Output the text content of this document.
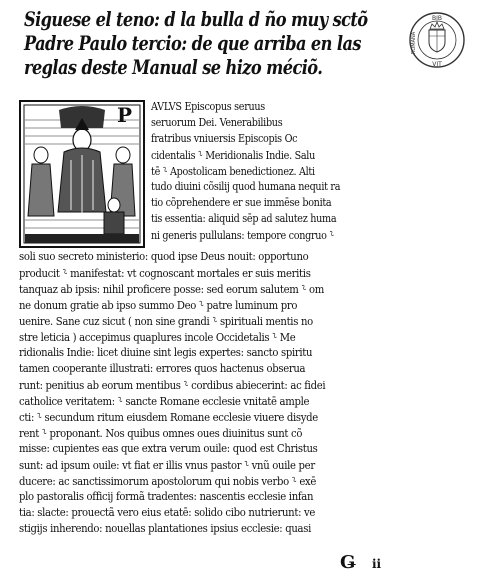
Siguese el teno: d la bulla d ño muy sctõ
Padre Paulo tercio: de que arriba en las
reglas deste Manual se hizo méciõ.
BIB
ROMANA
VIT
P AVLVS Episcopus seruus
seruorum Dei. Venerabilibus
fratribus vniuersis Episcopis Oc
cidentalis ⸊ Meridionalis Indie. Salu
tē ⸊ Apostolicam benedictionez. Alti
tudo diuini cõsilij quod humana nequit ra
tio cõprehendere er sue immēse bonita
tis essentia: aliquid sēp ad salutez huma
ni generis pullulans: tempore congruo ⸊
soli suo secreto ministerio: quod ipse Deus nouit: opportuno
producit ⸊ manifestat: vt cognoscant mortales er suis meritis
tanquaz ab ipsis: nihil proficere posse: sed eorum salutem ⸊ om
ne donum gratie ab ipso summo Deo ⸊ patre luminum pro
uenire. Sane cuz sicut ( non sine grandi ⸊ spirituali mentis no
stre leticia ) accepimus quaplures incole Occidetalis ⸊ Me
ridionalis Indie: licet diuine sint legis expertes: sancto spiritu
tamen cooperante illustrati: errores quos hactenus obserua
runt: penitius ab eorum mentibus ⸊ cordibus abiecerint: ac fidei
catholice veritatem: ⸊ sancte Romane ecclesie vnitatē ample
cti: ⸊ secundum ritum eiusdem Romane ecclesie viuere disyde
rent ⸊ proponant. Nos quibus omnes oues diuinitus sunt cõ
misse: cupientes eas que extra verum ouile: quod est Christus
sunt: ad ipsum ouile: vt fiat er illis vnus pastor ⸊ vnũ ouile per
ducere: ac sanctissimorum apostolorum qui nobis verbo ⸊ exē
plo pastoralis officij formã tradentes: nascentis ecclesie infan
tia: slacte: prouectã vero eius etatē: solido cibo nutrierunt: ve
stigijs inherendo: nouellas plantationes ipsius ecclesie: quasi
Ǥ ii
